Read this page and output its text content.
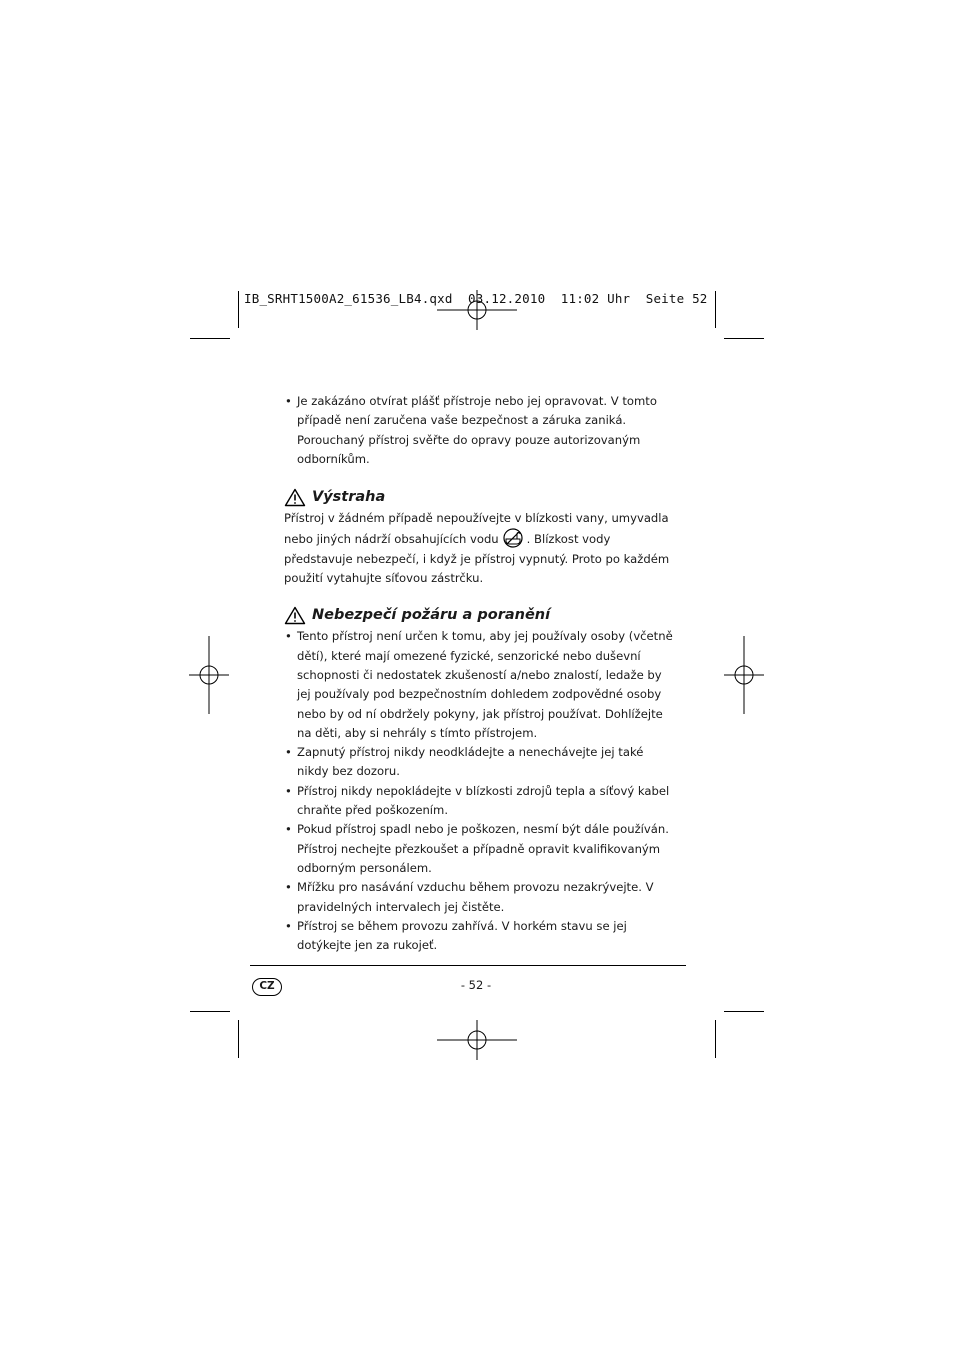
IB_SRHT1500A2_61536_LB4.qxd  03.12.2010  11:02 Uhr  Seite 52
• Je zakázáno otvírat plášť přístroje nebo jej opravovat. V tomto případě není zaručena vaše bezpečnost a záruka zaniká. Porouchaný přístroj svěřte do opravy pouze autorizovaným odborníkům.
Výstraha

Přístroj v žádném případě nepoužívejte v blízkosti vany, umyvadla nebo jiných nádrží obsahujících vodu . Blízkost vody představuje nebezpečí, i když je přístroj vypnutý. Proto po každém použití vytahujte síťovou zástrčku.

Nebezpečí požáru a poranění
• Tento přístroj není určen k tomu, aby jej používaly osoby (včetně dětí), které mají omezené fyzické, senzorické nebo duševní schopnosti či nedostatek zkušeností a/nebo znalostí, ledaže by jej používaly pod bezpečnostním dohledem zodpovědné osoby nebo by od ní obdržely pokyny, jak přístroj používat. Dohlížejte na děti, aby si nehrály s tímto přístrojem.
• Zapnutý přístroj nikdy neodkládejte a nenechávejte jej také nikdy bez dozoru.
• Přístroj nikdy nepokládejte v blízkosti zdrojů tepla a síťový kabel chraňte před poškozením.
• Pokud přístroj spadl nebo je poškozen, nesmí být dále používán. Přístroj nechejte přezkoušet a případně opravit kvalifikovaným odborným personálem.
• Mřížku pro nasávání vzduchu během provozu nezakrývejte. V pravidelných intervalech jej čistěte.
• Přístroj se během provozu zahřívá. V horkém stavu se jej dotýkejte jen za rukojeť.
CZ	- 52 -
